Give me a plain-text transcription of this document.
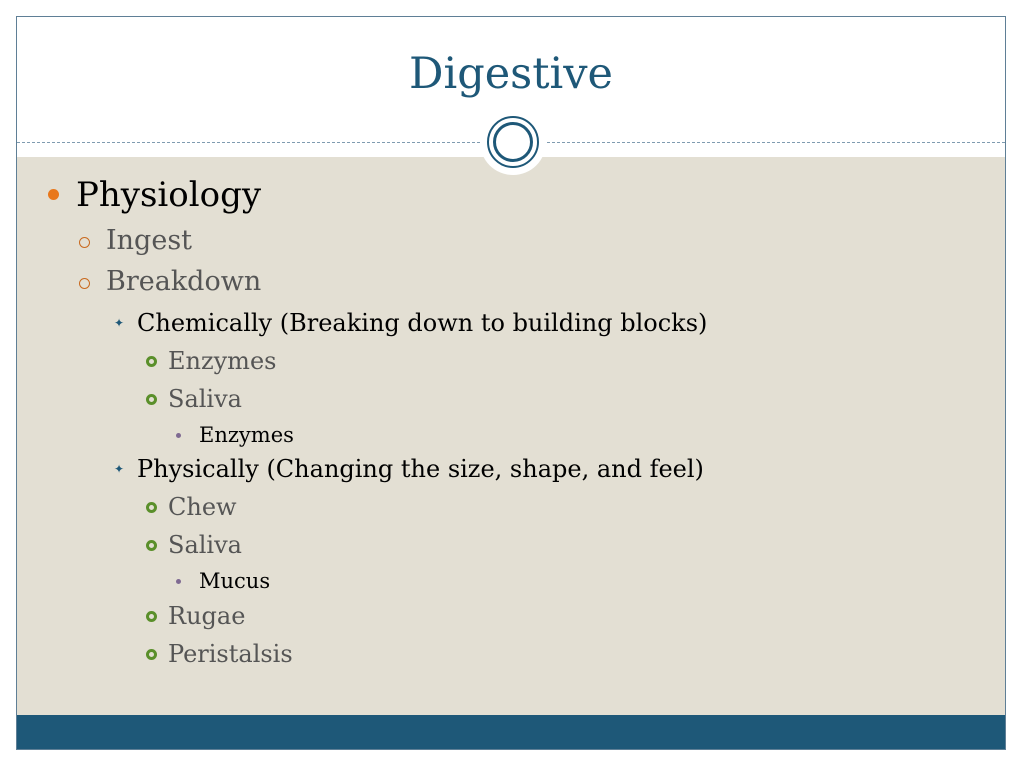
Digestive
Physiology
Ingest
Breakdown
✦ Chemically (Breaking down to building blocks)
Enzymes
Saliva
Enzymes
✦ Physically (Changing the size, shape, and feel)
Chew
Saliva
Mucus
Rugae
Peristalsis
